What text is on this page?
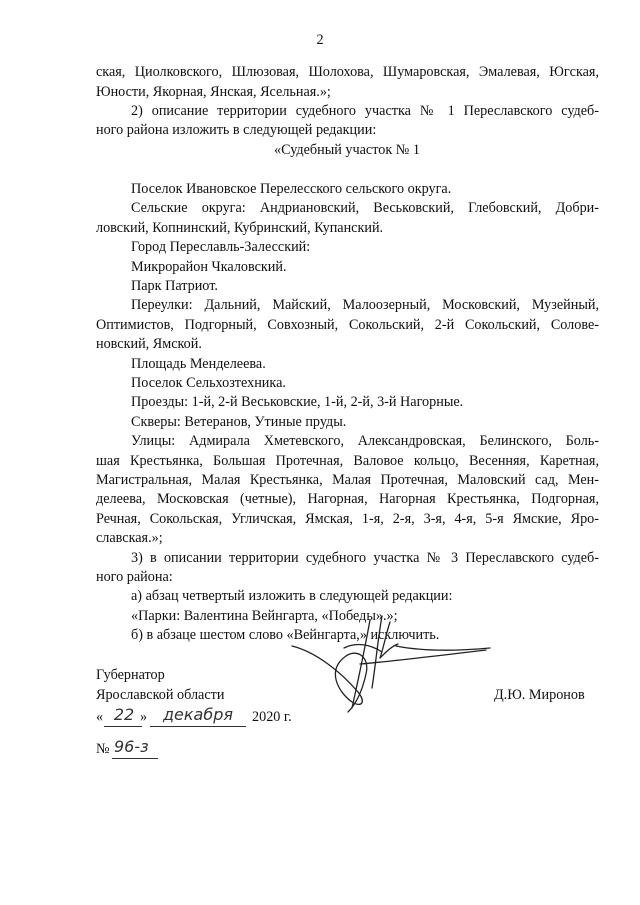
2
ская, Циолковского, Шлюзовая, Шолохова, Шумаровская, Эмалевая, Югская,
Юности, Якорная, Янская, Ясельная.»;
2) описание территории судебного участка № 1 Переславского судеб-
ного района изложить в следующей редакции:
«Судебный участок № 1
Поселок Ивановское Перелесского сельского округа.
Сельские округа: Андриановский, Веськовский, Глебовский, Добри-
ловский, Копнинский, Кубринский, Купанский.
Город Переславль-Залесский:
Микрорайон Чкаловский.
Парк Патриот.
Переулки: Дальний, Майский, Малоозерный, Московский, Музейный,
Оптимистов, Подгорный, Совхозный, Сокольский, 2-й Сокольский, Солове-
новский, Ямской.
Площадь Менделеева.
Поселок Сельхозтехника.
Проезды: 1-й, 2-й Веськовские, 1-й, 2-й, 3-й Нагорные.
Скверы: Ветеранов, Утиные пруды.
Улицы: Адмирала Хметевского, Александровская, Белинского, Боль-
шая Крестьянка, Большая Протечная, Валовое кольцо, Весенняя, Каретная,
Магистральная, Малая Крестьянка, Малая Протечная, Маловский сад, Мен-
делеева, Московская (четные), Нагорная, Нагорная Крестьянка, Подгорная,
Речная, Сокольская, Угличская, Ямская, 1-я, 2-я, 3-я, 4-я, 5-я Ямские, Яро-
славская.»;
3) в описании территории судебного участка № 3 Переславского судеб-
ного района:
а) абзац четвертый изложить в следующей редакции:
«Парки: Валентина Вейнгарта, «Победы».»;
б) в абзаце шестом слово «Вейнгарта,» исключить.
Губернатор
Ярославской области	Д.Ю. Миронов
« 22 » декабря	2020 г.
№ 96-з
